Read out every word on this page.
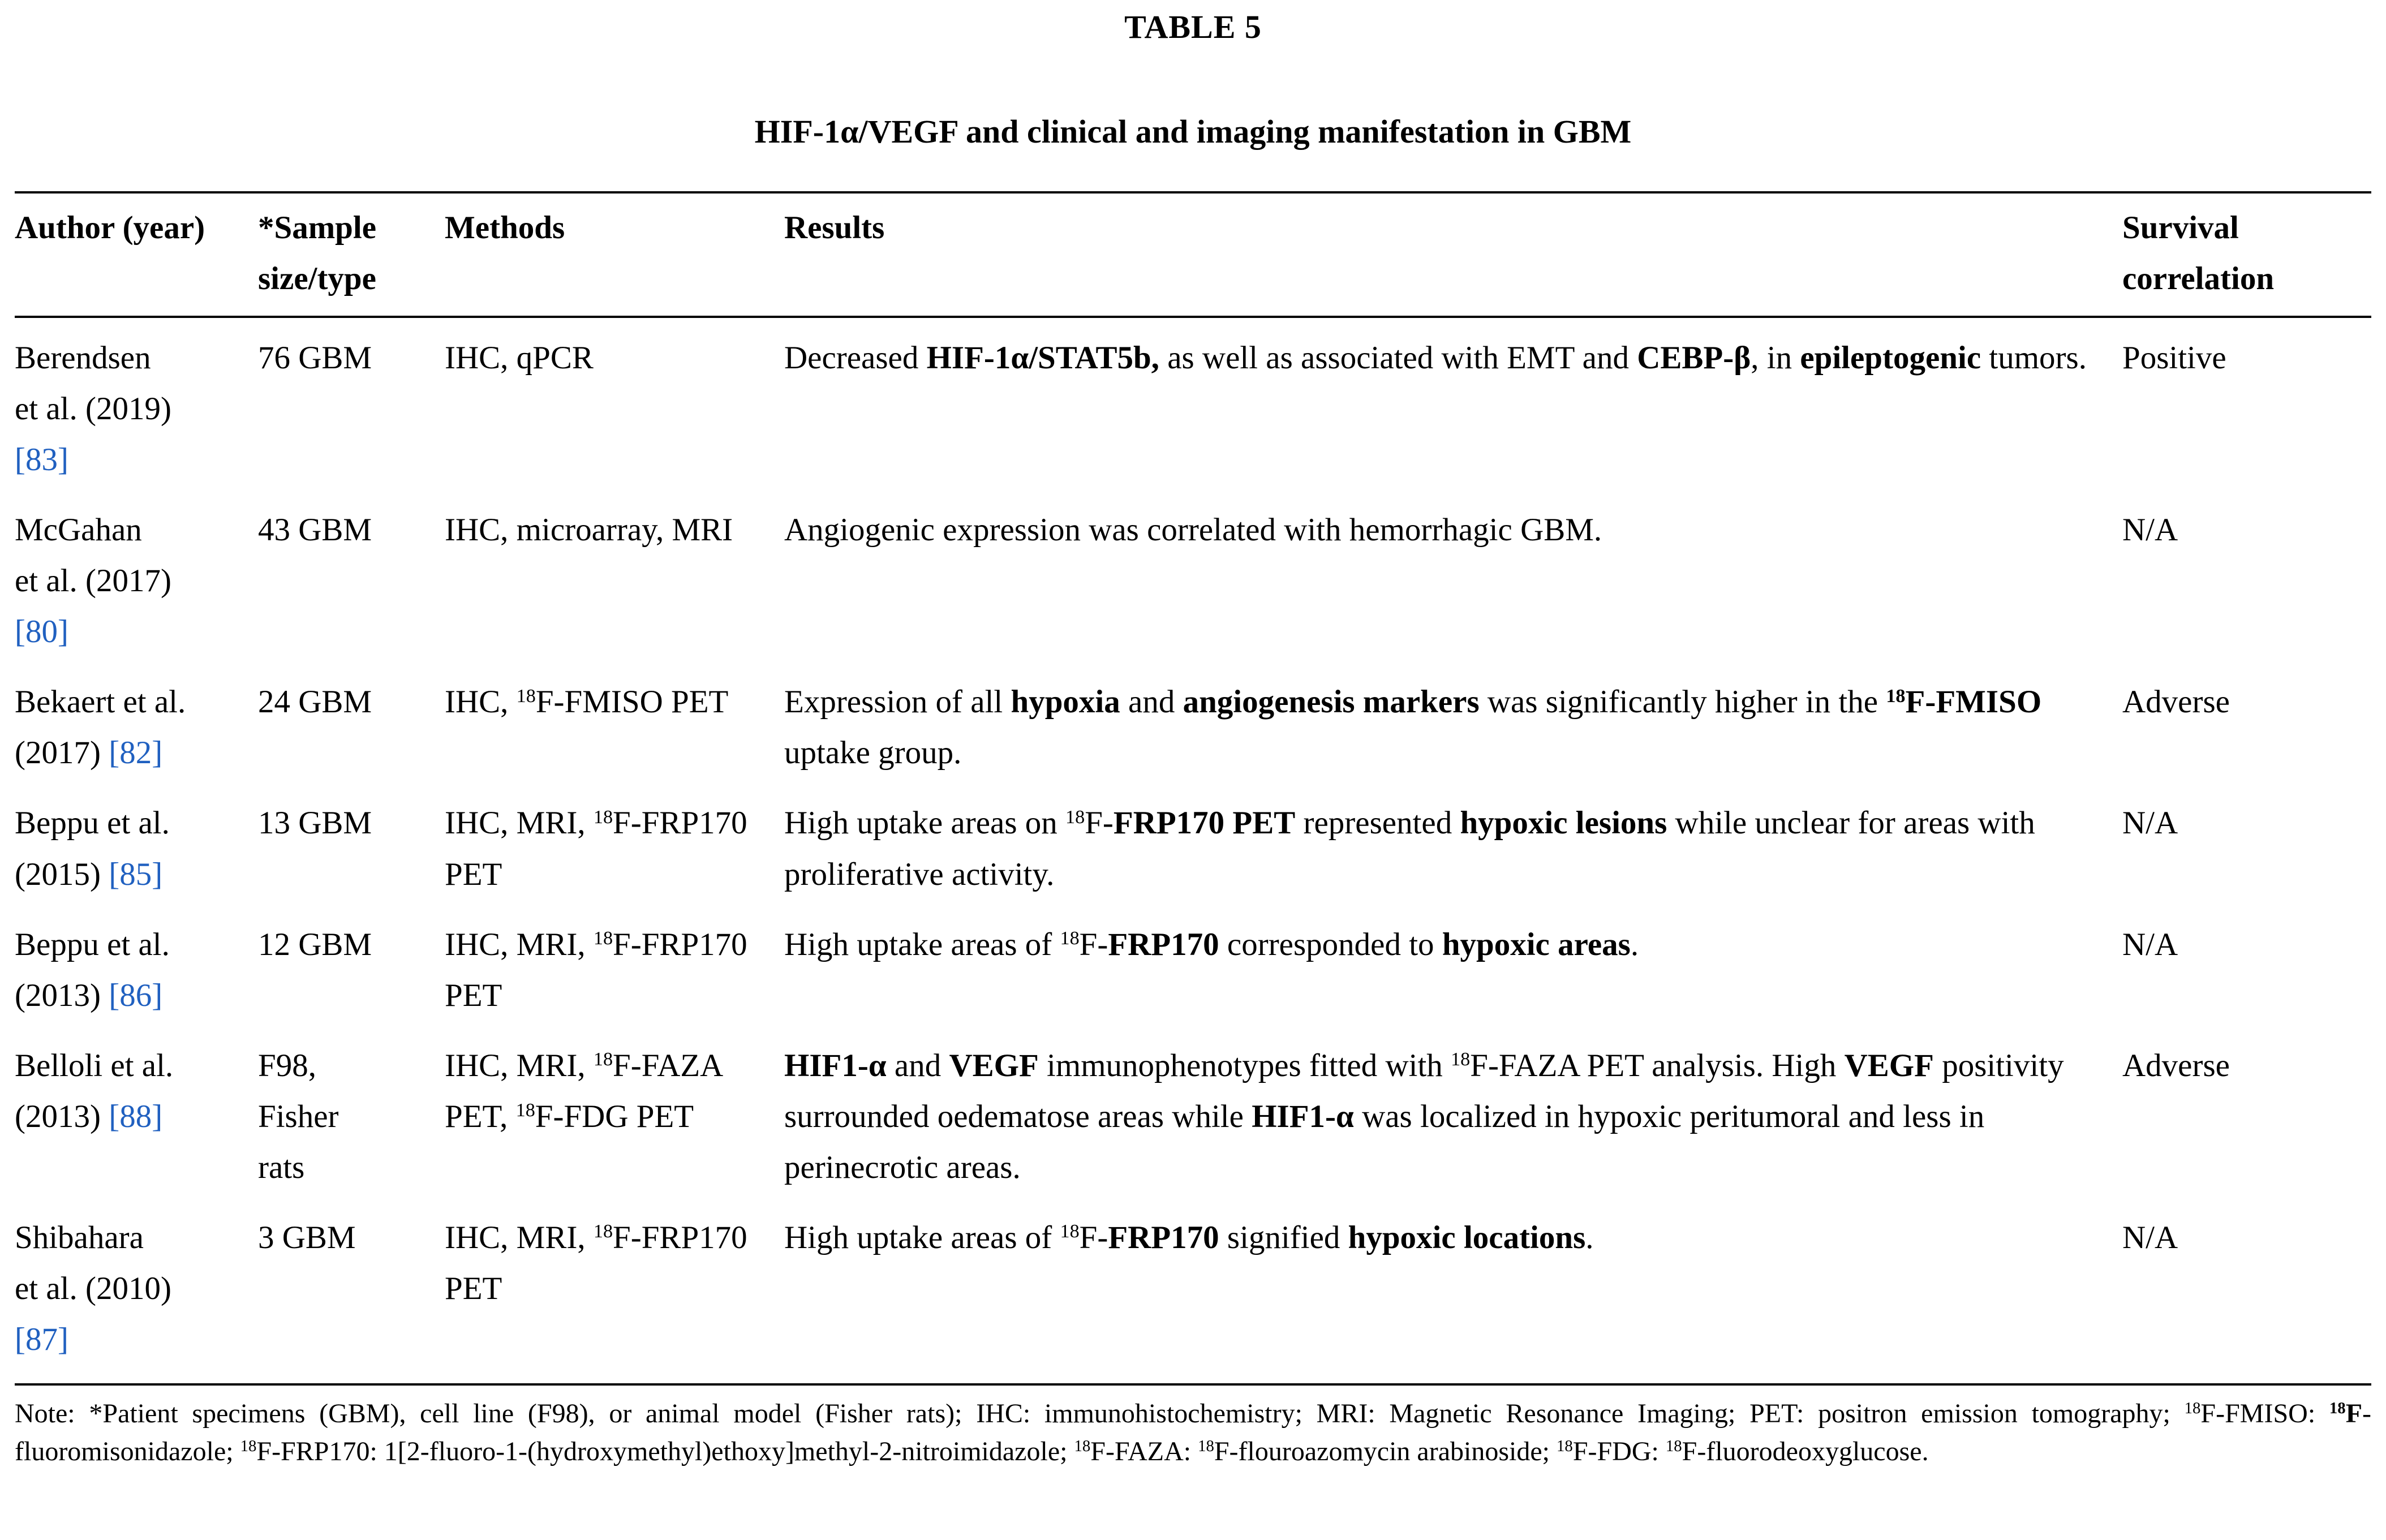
TABLE 5

HIF-1α/VEGF and clinical and imaging manifestation in GBM

Author (year)	*Sample size/type	Methods	Results	Survival correlation
Berendsen
et al. (2019)
[83]	76 GBM	IHC, qPCR	Decreased HIF-1α/STAT5b, as well as associated with EMT and CEBP-β, in epileptogenic tumors.	Positive
McGahan
et al. (2017)
[80]	43 GBM	IHC, microarray, MRI	Angiogenic expression was correlated with hemorrhagic GBM.	N/A
Bekaert et al.
(2017) [82]	24 GBM	IHC, $^{18}$F-FMISO PET	Expression of all hypoxia and angiogenesis markers was significantly higher in the $^{18}$F-FMISO uptake group.	Adverse
Beppu et al.
(2015) [85]	13 GBM	IHC, MRI, $^{18}$F-FRP170 PET	High uptake areas on $^{18}$F-FRP170 PET represented hypoxic lesions while unclear for areas with proliferative activity.	N/A
Beppu et al.
(2013) [86]	12 GBM	IHC, MRI, $^{18}$F-FRP170 PET	High uptake areas of $^{18}$F-FRP170 corresponded to hypoxic areas.	N/A
Belloli et al.
(2013) [88]	F98,
Fisher
rats	IHC, MRI, $^{18}$F-FAZA PET, $^{18}$F-FDG PET	HIF1-α and VEGF immunophenotypes fitted with $^{18}$F-FAZA PET analysis. High VEGF positivity surrounded oedematose areas while HIF1-α was localized in hypoxic peritumoral and less in perinecrotic areas.	Adverse
Shibahara
et al. (2010)
[87]	3 GBM	IHC, MRI, $^{18}$F-FRP170 PET	High uptake areas of $^{18}$F-FRP170 signified hypoxic locations.	N/A

Note: *Patient specimens (GBM), cell line (F98), or animal model (Fisher rats); IHC: immunohistochemistry; MRI: Magnetic Resonance Imaging; PET: positron emission tomography; $^{18}$F-FMISO: $^{18}$F-fluoromisonidazole; $^{18}$F-FRP170: 1[2-fluoro-1-(hydroxymethyl)ethoxy]methyl-2-nitroimidazole; $^{18}$F-FAZA: $^{18}$F-flouroazomycin arabinoside; $^{18}$F-FDG: $^{18}$F-fluorodeoxyglucose.
